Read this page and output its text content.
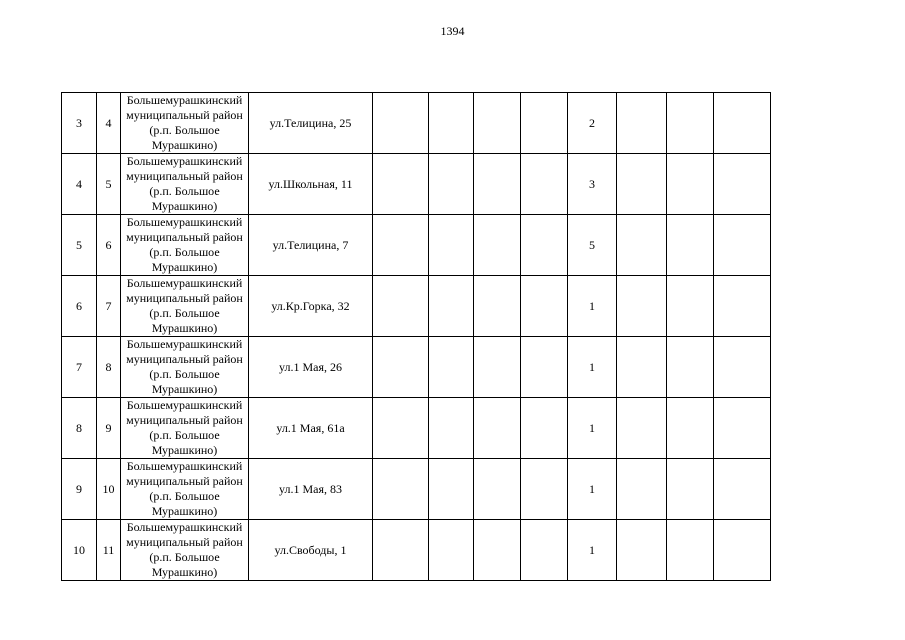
1394
3	4	Большемурашкинский
муниципальный район
(р.п. Большое
Мурашкино)	ул.Телицина, 25					2			
4	5	Большемурашкинский
муниципальный район
(р.п. Большое
Мурашкино)	ул.Школьная, 11					3			
5	6	Большемурашкинский
муниципальный район
(р.п. Большое
Мурашкино)	ул.Телицина, 7					5			
6	7	Большемурашкинский
муниципальный район
(р.п. Большое
Мурашкино)	ул.Кр.Горка, 32					1			
7	8	Большемурашкинский
муниципальный район
(р.п. Большое
Мурашкино)	ул.1 Мая, 26					1			
8	9	Большемурашкинский
муниципальный район
(р.п. Большое
Мурашкино)	ул.1 Мая, 61а					1			
9	10	Большемурашкинский
муниципальный район
(р.п. Большое
Мурашкино)	ул.1 Мая, 83					1			
10	11	Большемурашкинский
муниципальный район
(р.п. Большое
Мурашкино)	ул.Свободы, 1					1			
